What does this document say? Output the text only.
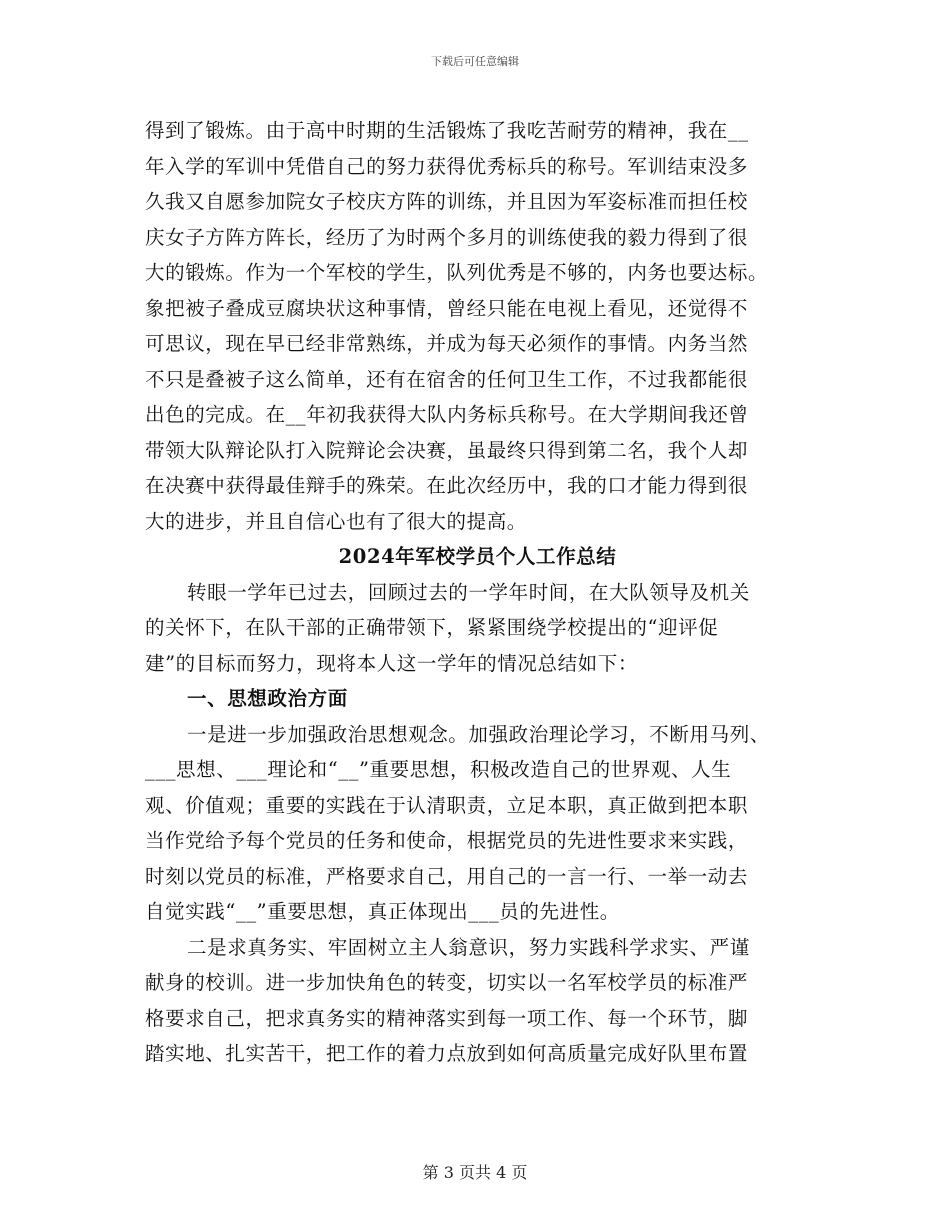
下载后可任意编辑
得到了锻炼。由于高中时期的生活锻炼了我吃苦耐劳的精神，我在__
年入学的军训中凭借自己的努力获得优秀标兵的称号。军训结束没多
久我又自愿参加院女子校庆方阵的训练，并且因为军姿标准而担任校
庆女子方阵方阵长，经历了为时两个多月的训练使我的毅力得到了很
大的锻炼。作为一个军校的学生，队列优秀是不够的，内务也要达标。
象把被子叠成豆腐块状这种事情，曾经只能在电视上看见，还觉得不
可思议，现在早已经非常熟练，并成为每天必须作的事情。内务当然
不只是叠被子这么简单，还有在宿舍的任何卫生工作，不过我都能很
出色的完成。在__年初我获得大队内务标兵称号。在大学期间我还曾
带领大队辩论队打入院辩论会决赛，虽最终只得到第二名，我个人却
在决赛中获得最佳辩手的殊荣。在此次经历中，我的口才能力得到很
大的进步，并且自信心也有了很大的提高。
2024年军校学员个人工作总结
转眼一学年已过去，回顾过去的一学年时间，在大队领导及机关
的关怀下，在队干部的正确带领下，紧紧围绕学校提出的“迎评促
建”的目标而努力，现将本人这一学年的情况总结如下：
一、思想政治方面
一是进一步加强政治思想观念。加强政治理论学习，不断用马列、
___思想、___理论和“__”重要思想，积极改造自己的世界观、人生
观、价值观；重要的实践在于认清职责，立足本职，真正做到把本职
当作党给予每个党员的任务和使命，根据党员的先进性要求来实践，
时刻以党员的标准，严格要求自己，用自己的一言一行、一举一动去
自觉实践“__”重要思想，真正体现出___员的先进性。
二是求真务实、牢固树立主人翁意识，努力实践科学求实、严谨
献身的校训。进一步加快角色的转变，切实以一名军校学员的标准严
格要求自己，把求真务实的精神落实到每一项工作、每一个环节，脚
踏实地、扎实苦干，把工作的着力点放到如何高质量完成好队里布置
第 3 页共 4 页
